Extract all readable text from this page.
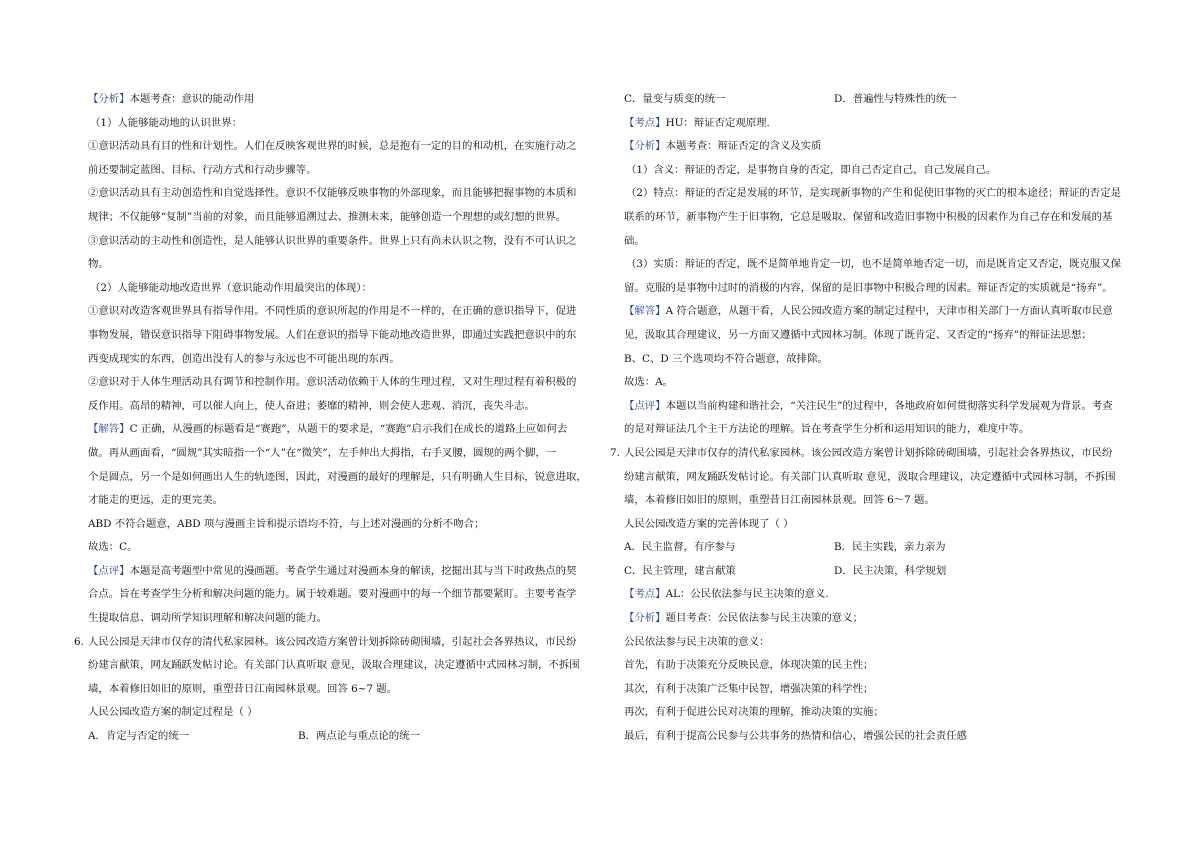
【分析】本题考查：意识的能动作用
（1）人能够能动地的认识世界：
①意识活动具有目的性和计划性。人们在反映客观世界的时候，总是抱有一定的目的和动机，在实施行动之
前还要制定蓝图、目标、行动方式和行动步骤等。
②意识活动具有主动创造性和自觉选择性。意识不仅能够反映事物的外部现象，而且能够把握事物的本质和
规律；不仅能够“复制”当前的对象，而且能够追溯过去、推测未来，能够创造一个理想的或幻想的世界。
③意识活动的主动性和创造性，是人能够认识世界的重要条件。世界上只有尚未认识之物，没有不可认识之
物。
（2）人能够能动地改造世界（意识能动作用最突出的体现）：
①意识对改造客观世界具有指导作用。不同性质的意识所起的作用是不一样的，在正确的意识指导下，促进
事物发展，错误意识指导下阻碍事物发展。人们在意识的指导下能动地改造世界，即通过实践把意识中的东
西变成现实的东西，创造出没有人的参与永远也不可能出现的东西。
②意识对于人体生理活动具有调节和控制作用。意识活动依赖于人体的生理过程，又对生理过程有着积极的
反作用。高昂的精神，可以催人向上，使人奋进；萎靡的精神，则会使人悲观、消沉，丧失斗志。
【解答】C 正确，从漫画的标题看是“赛跑”，从题干的要求是，“赛跑”启示我们在成长的道路上应如何去
做。再从画面看，“圆规”其实暗指一个“人”在“微笑”，左手伸出大拇指，右手叉腰，圆规的两个脚，一
个是圆点，另一个是如何画出人生的轨迹图，因此，对漫画的最好的理解是，只有明确人生目标，锐意进取，
才能走的更远，走的更完美。
ABD 不符合题意，ABD 项与漫画主旨和提示语均不符，与上述对漫画的分析不吻合；
故选：C。
【点评】本题是高考题型中常见的漫画题。考查学生通过对漫画本身的解读，挖掘出其与当下时政热点的契
合点。旨在考查学生分析和解决问题的能力。属于较难题。要对漫画中的每一个细节都要紧盯。主要考查学
生提取信息、调动所学知识理解和解决问题的能力。
6. 人民公园是天津市仅存的清代私家园林。该公园改造方案曾计划拆除砖砌围墙，引起社会各界热议，市民纷
纷建言献策，网友踊跃发帖讨论。有关部门认真听取 意见，汲取合理建议，决定遵循中式园林习制，不拆围
墙，本着修旧如旧的原则，重塑昔日江南园林景观。回答 6~7 题。
人民公园改造方案的制定过程是（ ）
A．肯定与否定的统一	B．两点论与重点论的统一
C．量变与质变的统一	D．普遍性与特殊性的统一
【考点】HU：辩证否定观原理.
【分析】本题考查：辩证否定的含义及实质
（1）含义：辩证的否定，是事物自身的否定，即自己否定自己，自己发展自己。
（2）特点：辩证的否定是发展的环节，是实现新事物的产生和促使旧事物的灭亡的根本途径；辩证的否定是
联系的环节，新事物产生于旧事物，它总是吸取、保留和改造旧事物中积极的因素作为自己存在和发展的基
础。
（3）实质：辩证的否定，既不是简单地肯定一切，也不是简单地否定一切，而是既肯定又否定，既克服又保
留。克服的是事物中过时的消极的内容，保留的是旧事物中积极合理的因素。辩证否定的实质就是“扬弃”。
【解答】A 符合题意，从题干看，人民公园改造方案的制定过程中，天津市相关部门一方面认真听取市民意
见，汲取其合理建议，另一方面又遵循中式园林习制。体现了既肯定、又否定的“扬弃”的辩证法思想；
B、C、D 三个选项均不符合题意，故排除。
故选：A。
【点评】本题以当前构建和谐社会，“关注民生”的过程中，各地政府如何贯彻落实科学发展观为背景。考查
的是对辩证法几个主干方法论的理解。旨在考查学生分析和运用知识的能力，难度中等。
7. 人民公园是天津市仅存的清代私家园林。该公园改造方案曾计划拆除砖砌围墙，引起社会各界热议，市民纷
纷建言献策，网友踊跃发帖讨论。有关部门认真听取 意见，汲取合理建议，决定遵循中式园林习制，不拆围
墙，本着修旧如旧的原则，重塑昔日江南园林景观。回答 6～7 题。
人民公园改造方案的完善体现了（ ）
A．民主监督，有序参与	B．民主实践，亲力亲为
C．民主管理，建言献策	D．民主决策，科学规划
【考点】AL：公民依法参与民主决策的意义.
【分析】题目考查：公民依法参与民主决策的意义；
公民依法参与民主决策的意义：
首先，有助于决策充分反映民意，体现决策的民主性；
其次，有利于决策广泛集中民智，增强决策的科学性；
再次，有利于促进公民对决策的理解，推动决策的实施；
最后，有利于提高公民参与公共事务的热情和信心，增强公民的社会责任感
